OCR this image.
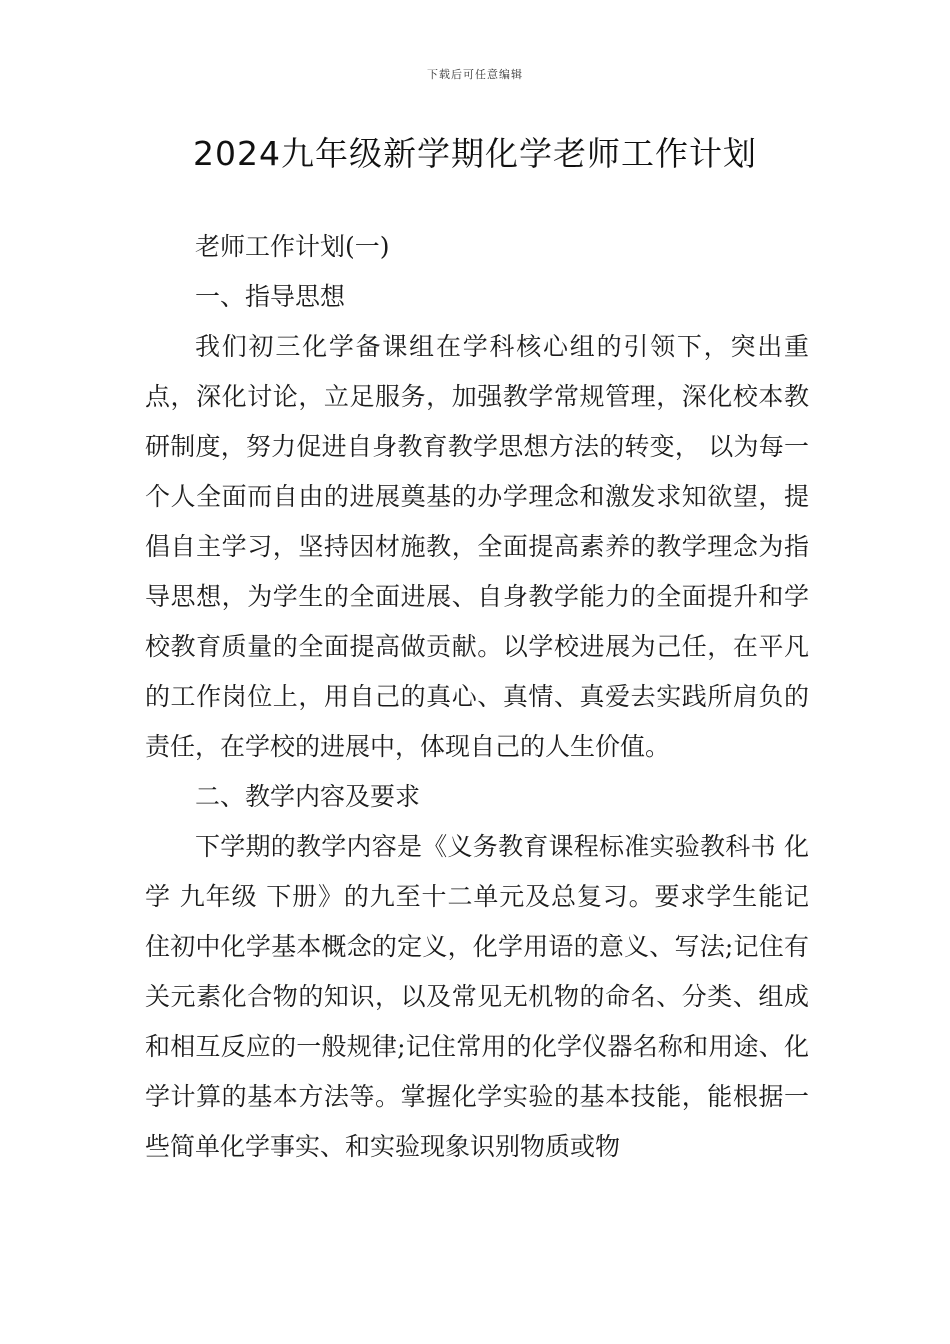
下载后可任意编辑
2024九年级新学期化学老师工作计划

老师工作计划(一)

一、指导思想

我们初三化学备课组在学科核心组的引领下，突出重点，深化讨论，立足服务，加强教学常规管理，深化校本教研制度，努力促进自身教育教学思想方法的转变， 以为每一个人全面而自由的进展奠基的办学理念和激发求知欲望，提倡自主学习，坚持因材施教，全面提高素养的教学理念为指导思想，为学生的全面进展、自身教学能力的全面提升和学校教育质量的全面提高做贡献。以学校进展为己任，在平凡的工作岗位上，用自己的真心、真情、真爱去实践所肩负的责任，在学校的进展中，体现自己的人生价值。

二、教学内容及要求

下学期的教学内容是《义务教育课程标准实验教科书 化学 九年级 下册》的九至十二单元及总复习。要求学生能记住初中化学基本概念的定义，化学用语的意义、写法;记住有关元素化合物的知识，以及常见无机物的命名、分类、组成和相互反应的一般规律;记住常用的化学仪器名称和用途、化学计算的基本方法等。掌握化学实验的基本技能，能根据一些简单化学事实、和实验现象识别物质或物
